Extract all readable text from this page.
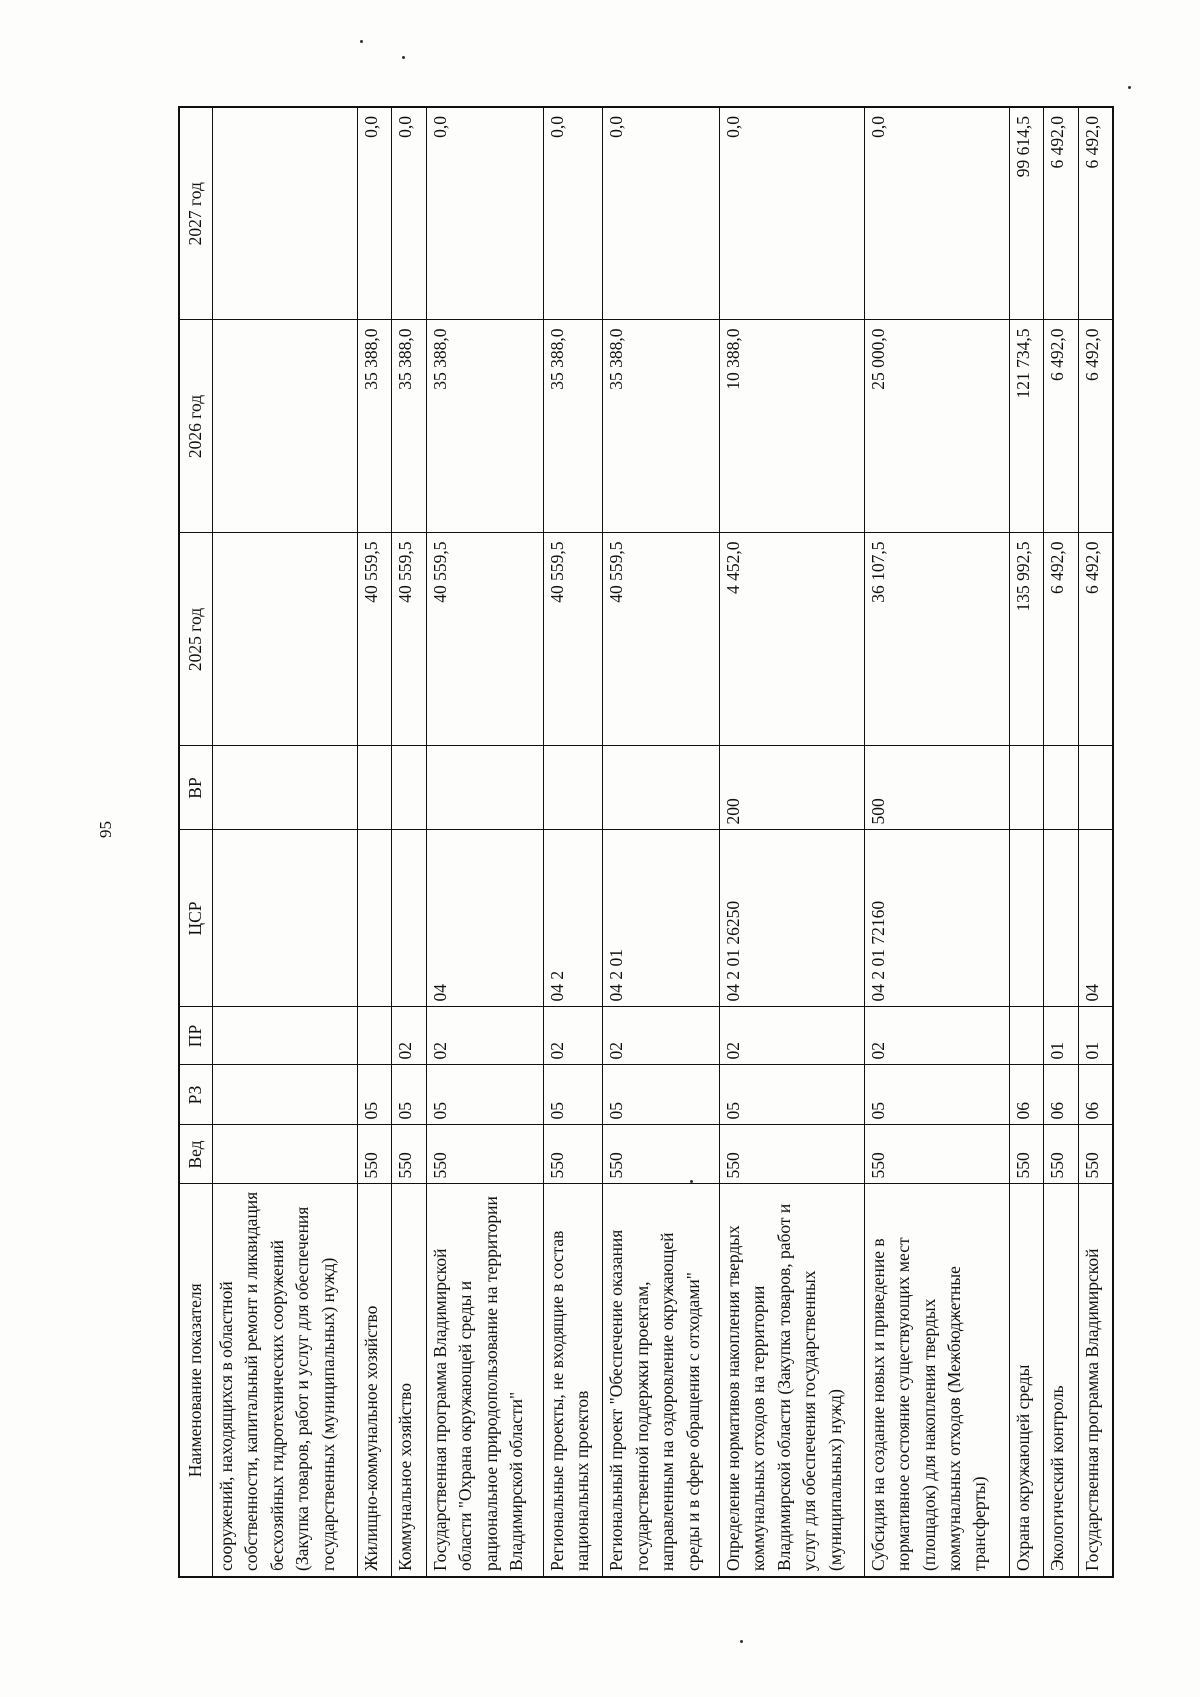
95
Наименование показателя	Вед	РЗ	ПР	ЦСР	ВР	2025 год	2026 год	2027 год
сооружений, находящихся в областной собственности, капитальный ремонт и ликвидация бесхозяйных гидротехнических сооружений (Закупка товаров, работ и услуг для обеспечения государственных (муниципальных) нужд)								
Жилищно-коммунальное хозяйство	550	05				40 559,5	35 388,0	0,0
Коммунальное хозяйство	550	05	02			40 559,5	35 388,0	0,0
Государственная программа Владимирской области "Охрана окружающей среды и рациональное природопользование на территории Владимирской области"	550	05	02	04		40 559,5	35 388,0	0,0
Региональные проекты, не входящие в состав национальных проектов	550	05	02	04 2		40 559,5	35 388,0	0,0
Региональный проект "Обеспечение оказания государственной поддержки проектам, направленным на оздоровление окружающей среды и в сфере обращения с отходами"	550	05	02	04 2 01		40 559,5	35 388,0	0,0
Определение нормативов накопления твердых коммунальных отходов на территории Владимирской области (Закупка товаров, работ и услуг для обеспечения государственных (муниципальных) нужд)	550	05	02	04 2 01 26250	200	4 452,0	10 388,0	0,0
Субсидия на создание новых и приведение в нормативное состояние существующих мест (площадок) для накопления твердых коммунальных отходов (Межбюджетные трансферты)	550	05	02	04 2 01 72160	500	36 107,5	25 000,0	0,0
Охрана окружающей среды	550	06				135 992,5	121 734,5	99 614,5
Экологический контроль	550	06	01			6 492,0	6 492,0	6 492,0
Государственная программа Владимирской	550	06	01	04		6 492,0	6 492,0	6 492,0
